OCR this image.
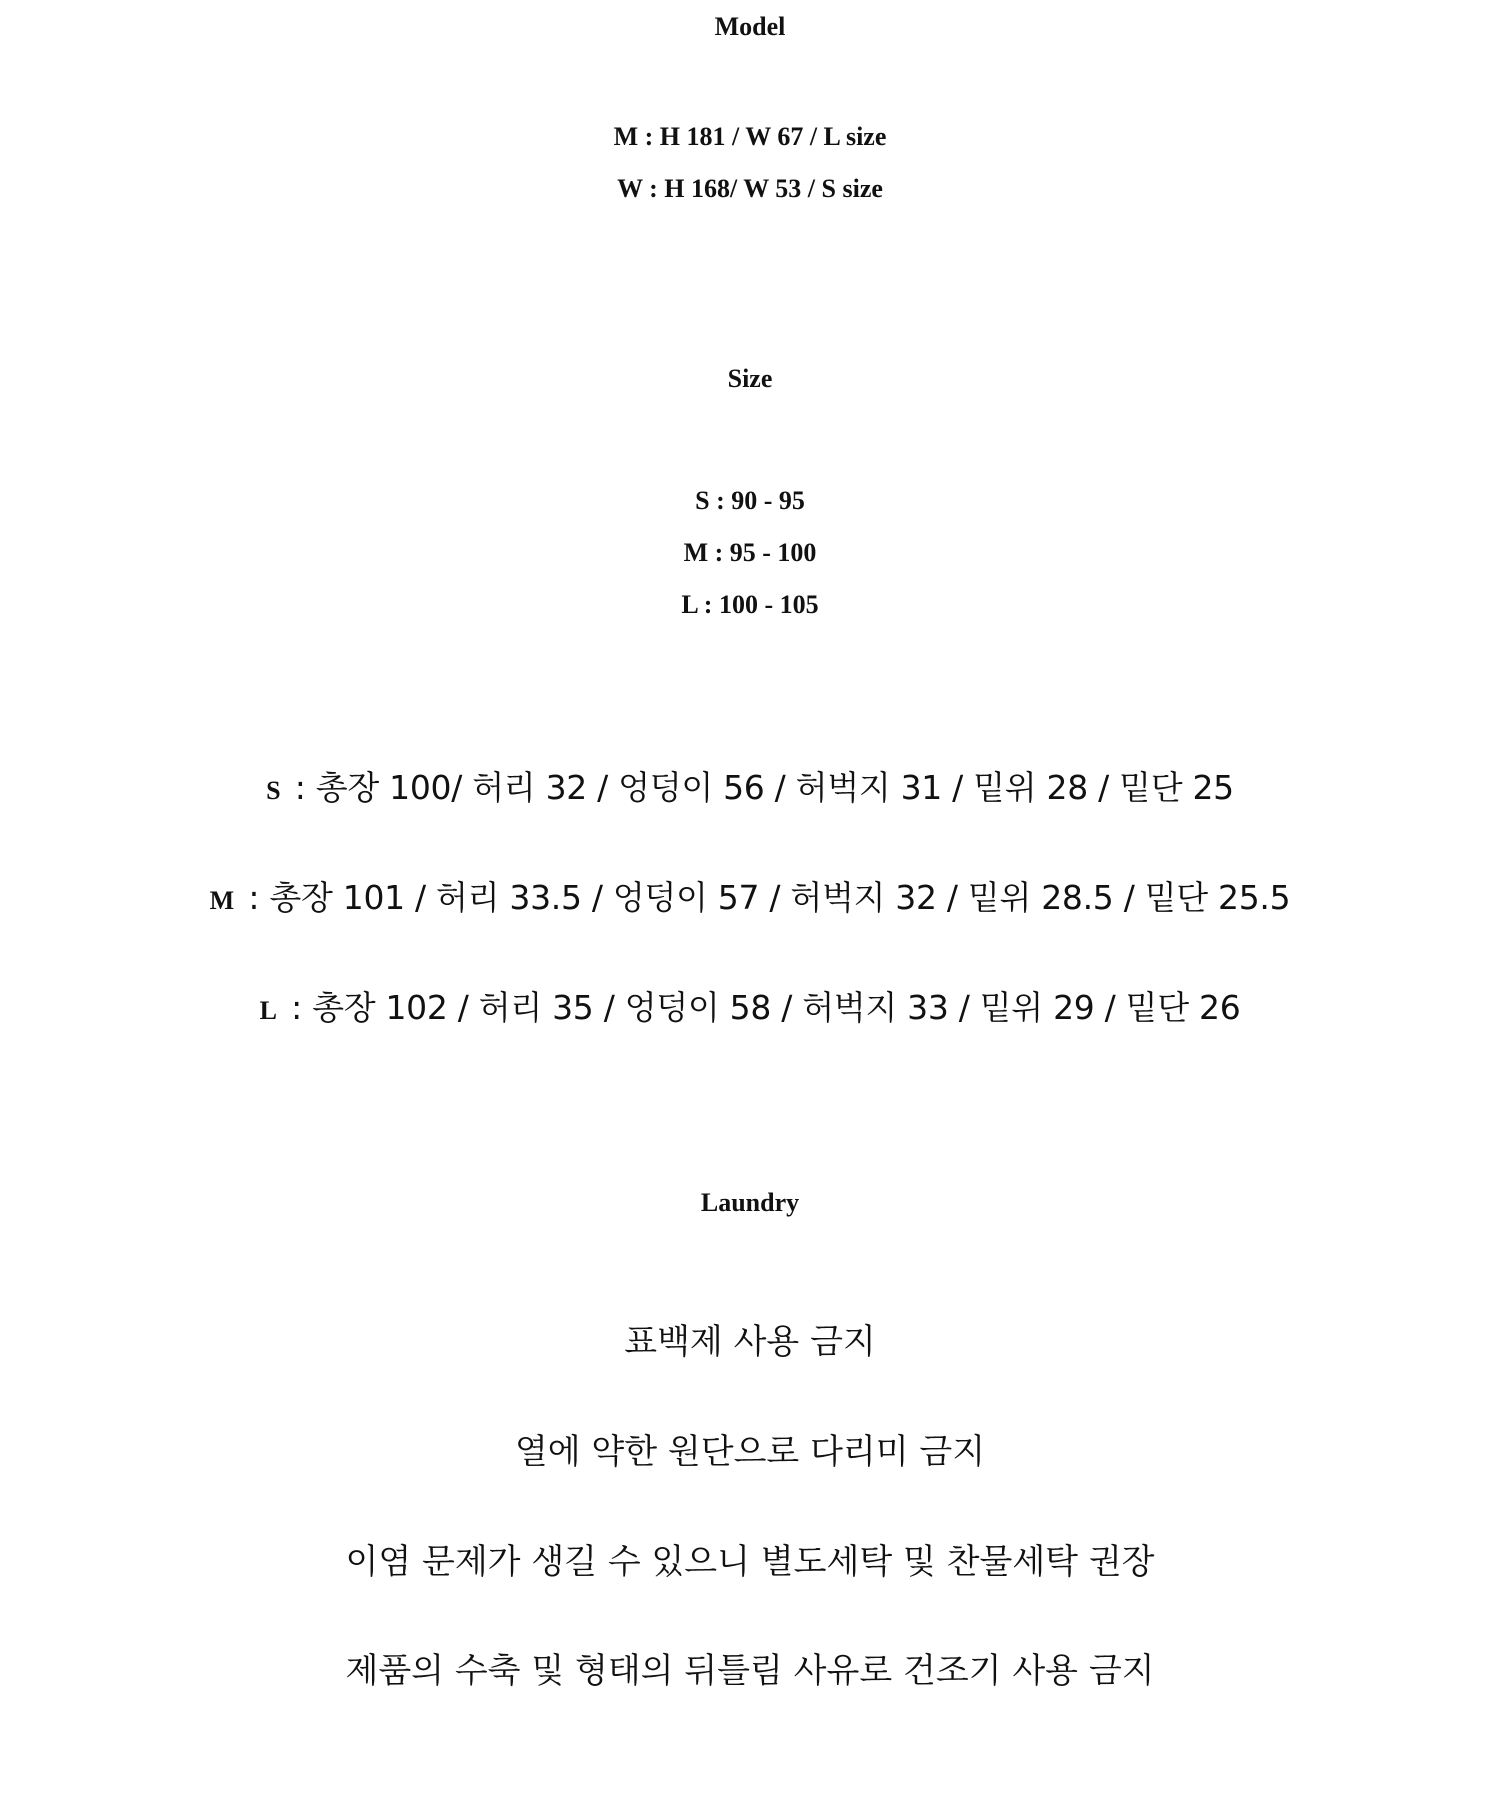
Model
M : H 181 / W 67 / L size
W : H 168/ W 53 / S size
Size
S : 90 - 95
M : 95 - 100
L : 100 - 105
S : 총장 100/ 허리 32 / 엉덩이 56 / 허벅지 31 / 밑위 28 / 밑단 25
M : 총장 101 / 허리 33.5 / 엉덩이 57 / 허벅지 32 / 밑위 28.5 / 밑단 25.5
L : 총장 102 / 허리 35 / 엉덩이 58 / 허벅지 33 / 밑위 29 / 밑단 26
Laundry
표백제 사용 금지
열에 약한 원단으로 다리미 금지
이염 문제가 생길 수 있으니 별도세탁 및 찬물세탁 권장
제품의 수축 및 형태의 뒤틀림 사유로 건조기 사용 금지
